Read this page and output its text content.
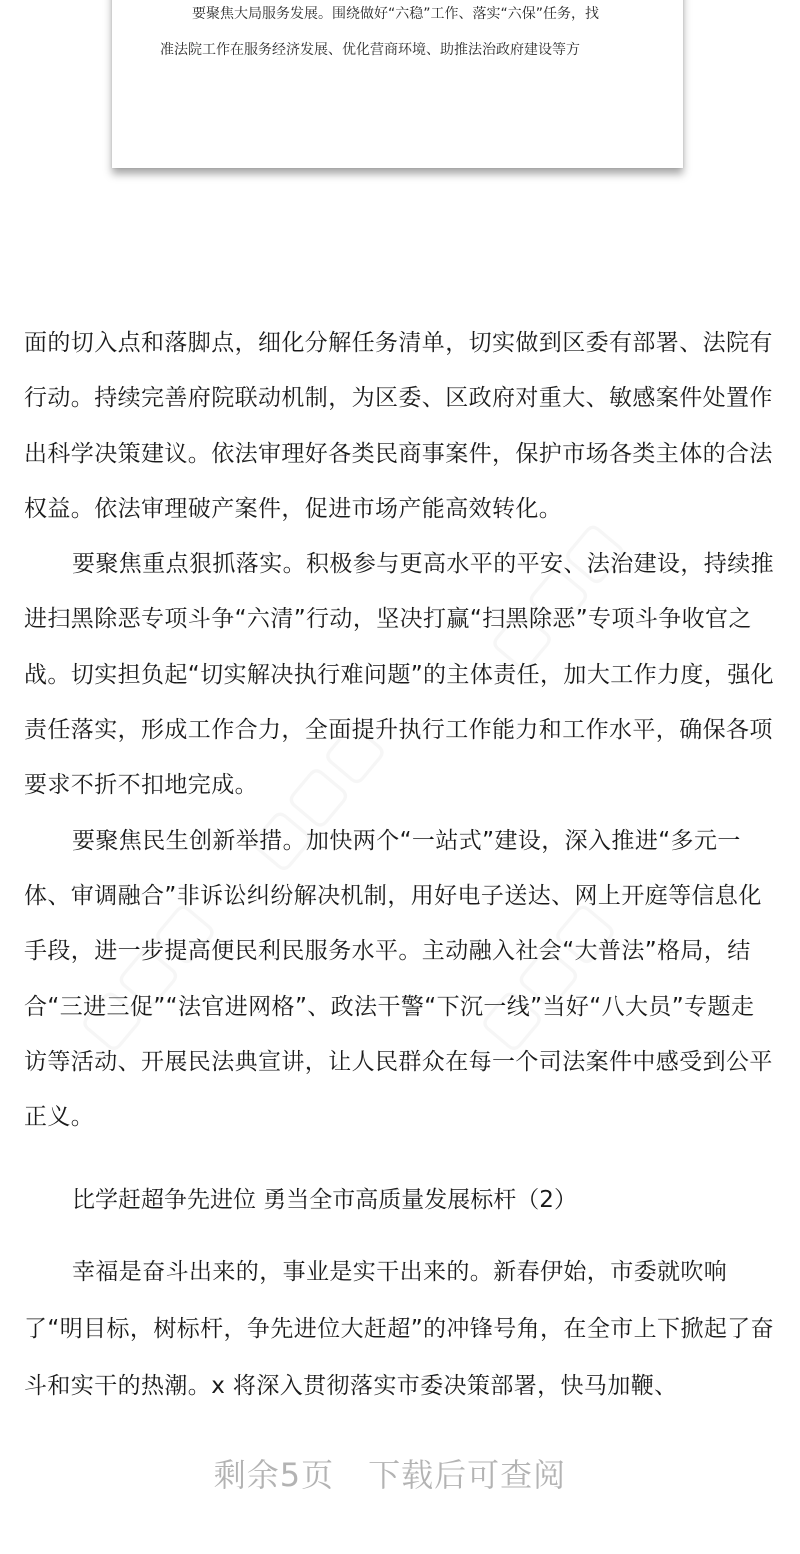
要聚焦大局服务发展。围绕做好“六稳”工作、落实“六保”任务，找
准法院工作在服务经济发展、优化营商环境、助推法治政府建设等方

面的切入点和落脚点，细化分解任务清单，切实做到区委有部署、法院有行动。持续完善府院联动机制，为区委、区政府对重大、敏感案件处置作出科学决策建议。依法审理好各类民商事案件，保护市场各类主体的合法权益。依法审理破产案件，促进市场产能高效转化。

要聚焦重点狠抓落实。积极参与更高水平的平安、法治建设，持续推进扫黑除恶专项斗争“六清”行动，坚决打赢“扫黑除恶”专项斗争收官之战。切实担负起“切实解决执行难问题”的主体责任，加大工作力度，强化责任落实，形成工作合力，全面提升执行工作能力和工作水平，确保各项要求不折不扣地完成。

要聚焦民生创新举措。加快两个“一站式”建设，深入推进“多元一体、审调融合”非诉讼纠纷解决机制，用好电子送达、网上开庭等信息化手段，进一步提高便民利民服务水平。主动融入社会“大普法”格局，结合“三进三促”“法官进网格”、政法干警“下沉一线”当好“八大员”专题走访等活动、开展民法典宣讲，让人民群众在每一个司法案件中感受到公平正义。

比学赶超争先进位 勇当全市高质量发展标杆（2）

幸福是奋斗出来的，事业是实干出来的。新春伊始，市委就吹响了“明目标，树标杆，争先进位大赶超”的冲锋号角，在全市上下掀起了奋斗和实干的热潮。x 将深入贯彻落实市委决策部署，快马加鞭、

剩余5页 下载后可查阅
